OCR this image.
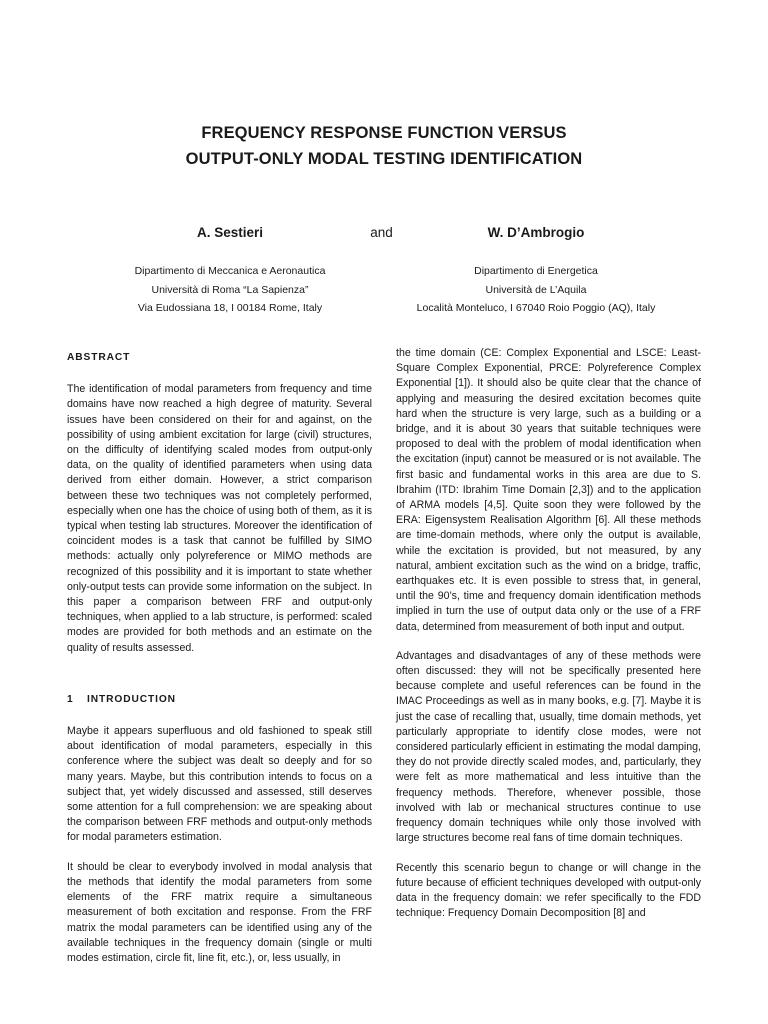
FREQUENCY RESPONSE FUNCTION VERSUS
OUTPUT-ONLY MODAL TESTING IDENTIFICATION
A. Sestieri	and	W. D’Ambrogio
Dipartimento di Meccanica e Aeronautica
Università di Roma “La Sapienza”
Via Eudossiana 18, I 00184 Rome, Italy
Dipartimento di Energetica
Università de L’Aquila
Località Monteluco, I 67040 Roio Poggio (AQ), Italy
ABSTRACT

The identification of modal parameters from frequency and time domains have now reached a high degree of maturity. Several issues have been considered on their for and against, on the possibility of using ambient excitation for large (civil) structures, on the difficulty of identifying scaled modes from output-only data, on the quality of identified parameters when using data derived from either domain. However, a strict comparison between these two techniques was not completely performed, especially when one has the choice of using both of them, as it is typical when testing lab structures. Moreover the identification of coincident modes is a task that cannot be fulfilled by SIMO methods: actually only polyreference or MIMO methods are recognized of this possibility and it is important to state whether only-output tests can provide some information on the subject. In this paper a comparison between FRF and output-only techniques, when applied to a lab structure, is performed: scaled modes are provided for both methods and an estimate on the quality of results assessed.

1 INTRODUCTION

Maybe it appears superfluous and old fashioned to speak still about identification of modal parameters, especially in this conference where the subject was dealt so deeply and for so many years. Maybe, but this contribution intends to focus on a subject that, yet widely discussed and assessed, still deserves some attention for a full comprehension: we are speaking about the comparison between FRF methods and output-only methods for modal parameters estimation.

It should be clear to everybody involved in modal analysis that the methods that identify the modal parameters from some elements of the FRF matrix require a simultaneous measurement of both excitation and response. From the FRF matrix the modal parameters can be identified using any of the available techniques in the frequency domain (single or multi modes estimation, circle fit, line fit, etc.), or, less usually, in

the time domain (CE: Complex Exponential and LSCE: Least-Square Complex Exponential, PRCE: Polyreference Complex Exponential [1]). It should also be quite clear that the chance of applying and measuring the desired excitation becomes quite hard when the structure is very large, such as a building or a bridge, and it is about 30 years that suitable techniques were proposed to deal with the problem of modal identification when the excitation (input) cannot be measured or is not available. The first basic and fundamental works in this area are due to S. Ibrahim (ITD: Ibrahim Time Domain [2,3]) and to the application of ARMA models [4,5]. Quite soon they were followed by the ERA: Eigensystem Realisation Algorithm [6]. All these methods are time-domain methods, where only the output is available, while the excitation is provided, but not measured, by any natural, ambient excitation such as the wind on a bridge, traffic, earthquakes etc. It is even possible to stress that, in general, until the 90’s, time and frequency domain identification methods implied in turn the use of output data only or the use of a FRF data, determined from measurement of both input and output.

Advantages and disadvantages of any of these methods were often discussed: they will not be specifically presented here because complete and useful references can be found in the IMAC Proceedings as well as in many books, e.g. [7]. Maybe it is just the case of recalling that, usually, time domain methods, yet particularly appropriate to identify close modes, were not considered particularly efficient in estimating the modal damping, they do not provide directly scaled modes, and, particularly, they were felt as more mathematical and less intuitive than the frequency methods. Therefore, whenever possible, those involved with lab or mechanical structures continue to use frequency domain techniques while only those involved with large structures become real fans of time domain techniques.

Recently this scenario begun to change or will change in the future because of efficient techniques developed with output-only data in the frequency domain: we refer specifically to the FDD technique: Frequency Domain Decomposition [8] and
